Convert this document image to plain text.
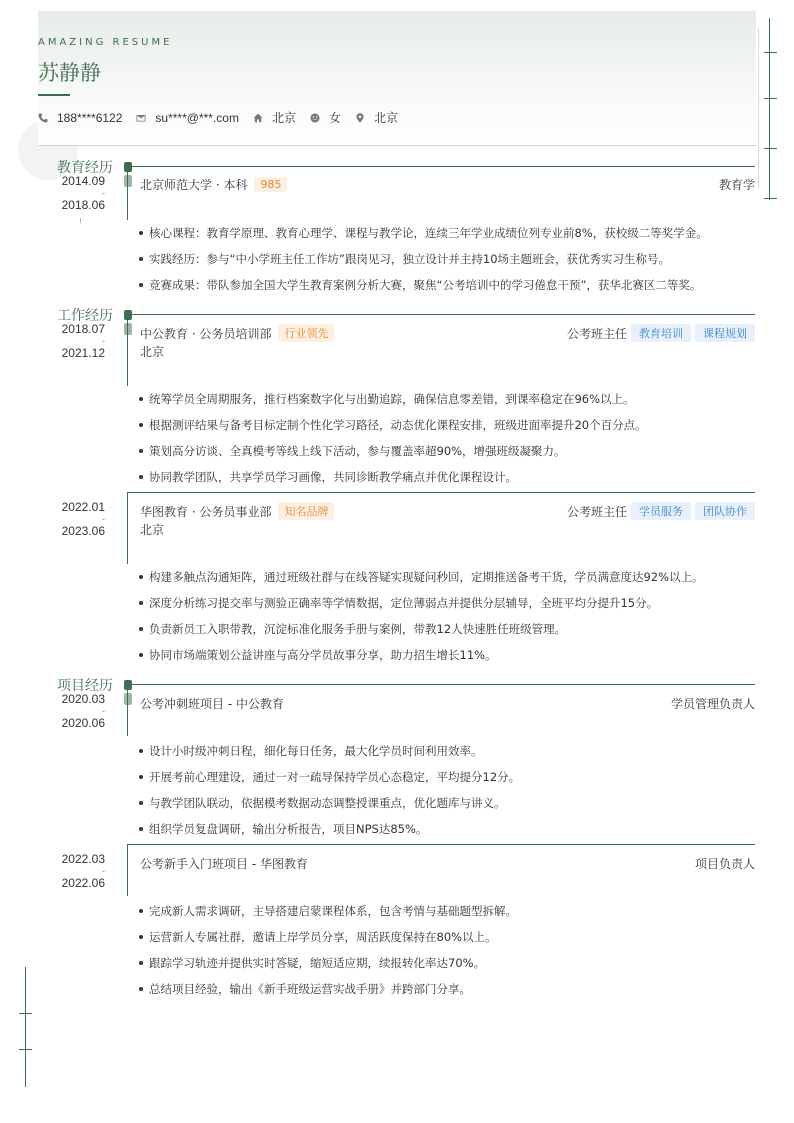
AMAZING RESUME
苏静静
188****6122	su****@***.com	北京	女	北京
教育经历
2014.09
-
2018.06
北京师范大学 · 本科	985	教育学
核心课程：教育学原理、教育心理学、课程与教学论，连续三年学业成绩位列专业前8%，获校级二等奖学金。
实践经历：参与“中小学班主任工作坊”跟岗见习，独立设计并主持10场主题班会，获优秀实习生称号。
竞赛成果：带队参加全国大学生教育案例分析大赛，聚焦“公考培训中的学习倦怠干预”，获华北赛区二等奖。
工作经历
2018.07
-
2021.12
中公教育 · 公务员培训部	行业领先
北京
公考班主任	教育培训	课程规划
统筹学员全周期服务，推行档案数字化与出勤追踪，确保信息零差错，到课率稳定在96%以上。
根据测评结果与备考目标定制个性化学习路径，动态优化课程安排，班级进面率提升20个百分点。
策划高分访谈、全真模考等线上线下活动，参与覆盖率超90%，增强班级凝聚力。
协同教学团队，共享学员学习画像，共同诊断教学痛点并优化课程设计。
2022.01
-
2023.06
华图教育 · 公务员事业部	知名品牌
北京
公考班主任	学员服务	团队协作
构建多触点沟通矩阵，通过班级社群与在线答疑实现疑问秒回，定期推送备考干货，学员满意度达92%以上。
深度分析练习提交率与测验正确率等学情数据，定位薄弱点并提供分层辅导，全班平均分提升15分。
负责新员工入职带教，沉淀标准化服务手册与案例，带教12人快速胜任班级管理。
协同市场端策划公益讲座与高分学员故事分享，助力招生增长11%。
项目经历
2020.03
-
2020.06
公考冲刺班项目 - 中公教育	学员管理负责人
设计小时级冲刺日程，细化每日任务，最大化学员时间利用效率。
开展考前心理建设，通过一对一疏导保持学员心态稳定，平均提分12分。
与教学团队联动，依据模考数据动态调整授课重点，优化题库与讲义。
组织学员复盘调研，输出分析报告，项目NPS达85%。
2022.03
-
2022.06
公考新手入门班项目 - 华图教育	项目负责人
完成新人需求调研，主导搭建启蒙课程体系，包含考情与基础题型拆解。
运营新人专属社群，邀请上岸学员分享，周活跃度保持在80%以上。
跟踪学习轨迹并提供实时答疑，缩短适应期，续报转化率达70%。
总结项目经验，输出《新手班级运营实战手册》并跨部门分享。
